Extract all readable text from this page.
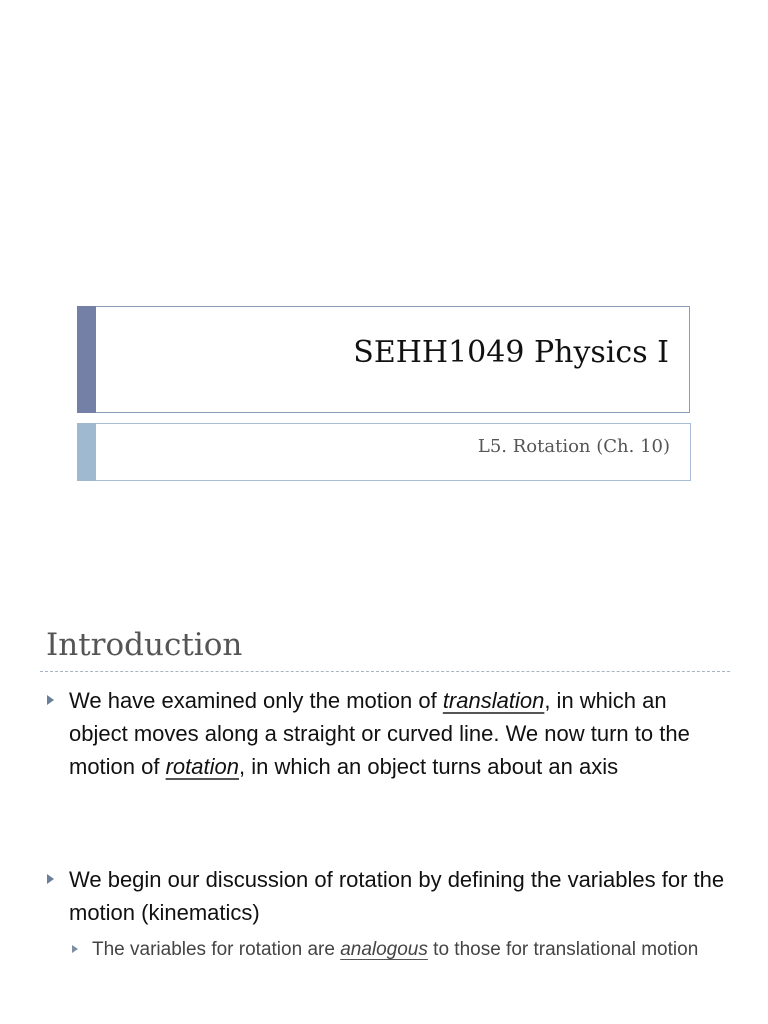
SEHH1049 Physics I
L5. Rotation (Ch. 10)
Introduction
We have examined only the motion of translation, in which an object moves along a straight or curved line. We now turn to the motion of rotation, in which an object turns about an axis
We begin our discussion of rotation by defining the variables for the motion (kinematics)
The variables for rotation are analogous to those for translational motion
